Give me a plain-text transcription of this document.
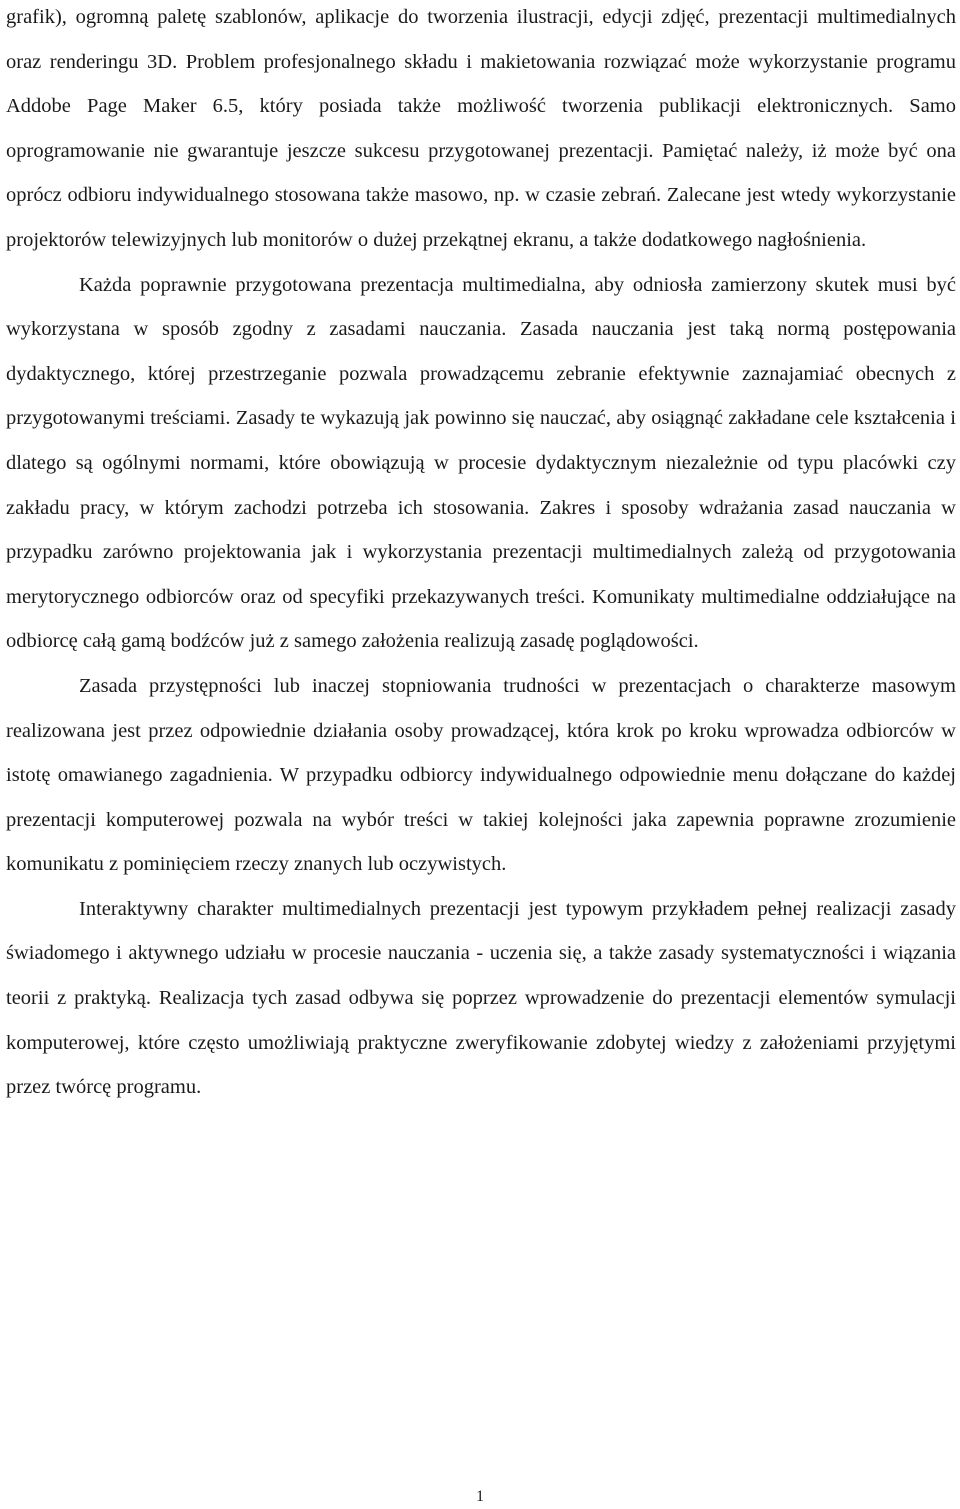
grafik), ogromną paletę szablonów, aplikacje do tworzenia ilustracji, edycji zdjęć, prezentacji multimedialnych oraz renderingu 3D. Problem profesjonalnego składu i makietowania rozwiązać może wykorzystanie programu Addobe Page Maker 6.5, który posiada także możliwość tworzenia publikacji elektronicznych. Samo oprogramowanie nie gwarantuje jeszcze sukcesu przygotowanej prezentacji. Pamiętać należy, iż może być ona oprócz odbioru indywidualnego stosowana także masowo, np. w czasie zebrań. Zalecane jest wtedy wykorzystanie projektorów telewizyjnych lub monitorów o dużej przekątnej ekranu, a także dodatkowego nagłośnienia.

Każda poprawnie przygotowana prezentacja multimedialna, aby odniosła zamierzony skutek musi być wykorzystana w sposób zgodny z zasadami nauczania. Zasada nauczania jest taką normą postępowania dydaktycznego, której przestrzeganie pozwala prowadzącemu zebranie efektywnie zaznajamiać obecnych z przygotowanymi treściami. Zasady te wykazują jak powinno się nauczać, aby osiągnąć zakładane cele kształcenia i dlatego są ogólnymi normami, które obowiązują w procesie dydaktycznym niezależnie od typu placówki czy zakładu pracy, w którym zachodzi potrzeba ich stosowania. Zakres i sposoby wdrażania zasad nauczania w przypadku zarówno projektowania jak i wykorzystania prezentacji multimedialnych zależą od przygotowania merytorycznego odbiorców oraz od specyfiki przekazywanych treści. Komunikaty multimedialne oddziałujące na odbiorcę całą gamą bodźców już z samego założenia realizują zasadę poglądowości.

Zasada przystępności lub inaczej stopniowania trudności w prezentacjach o charakterze masowym realizowana jest przez odpowiednie działania osoby prowadzącej, która krok po kroku wprowadza odbiorców w istotę omawianego zagadnienia. W przypadku odbiorcy indywidualnego odpowiednie menu dołączane do każdej prezentacji komputerowej pozwala na wybór treści w takiej kolejności jaka zapewnia poprawne zrozumienie komunikatu z pominięciem rzeczy znanych lub oczywistych.

Interaktywny charakter multimedialnych prezentacji jest typowym przykładem pełnej realizacji zasady świadomego i aktywnego udziału w procesie nauczania - uczenia się, a także zasady systematyczności i wiązania teorii z praktyką. Realizacja tych zasad odbywa się poprzez wprowadzenie do prezentacji elementów symulacji komputerowej, które często umożliwiają praktyczne zweryfikowanie zdobytej wiedzy z założeniami przyjętymi przez twórcę programu.

1
